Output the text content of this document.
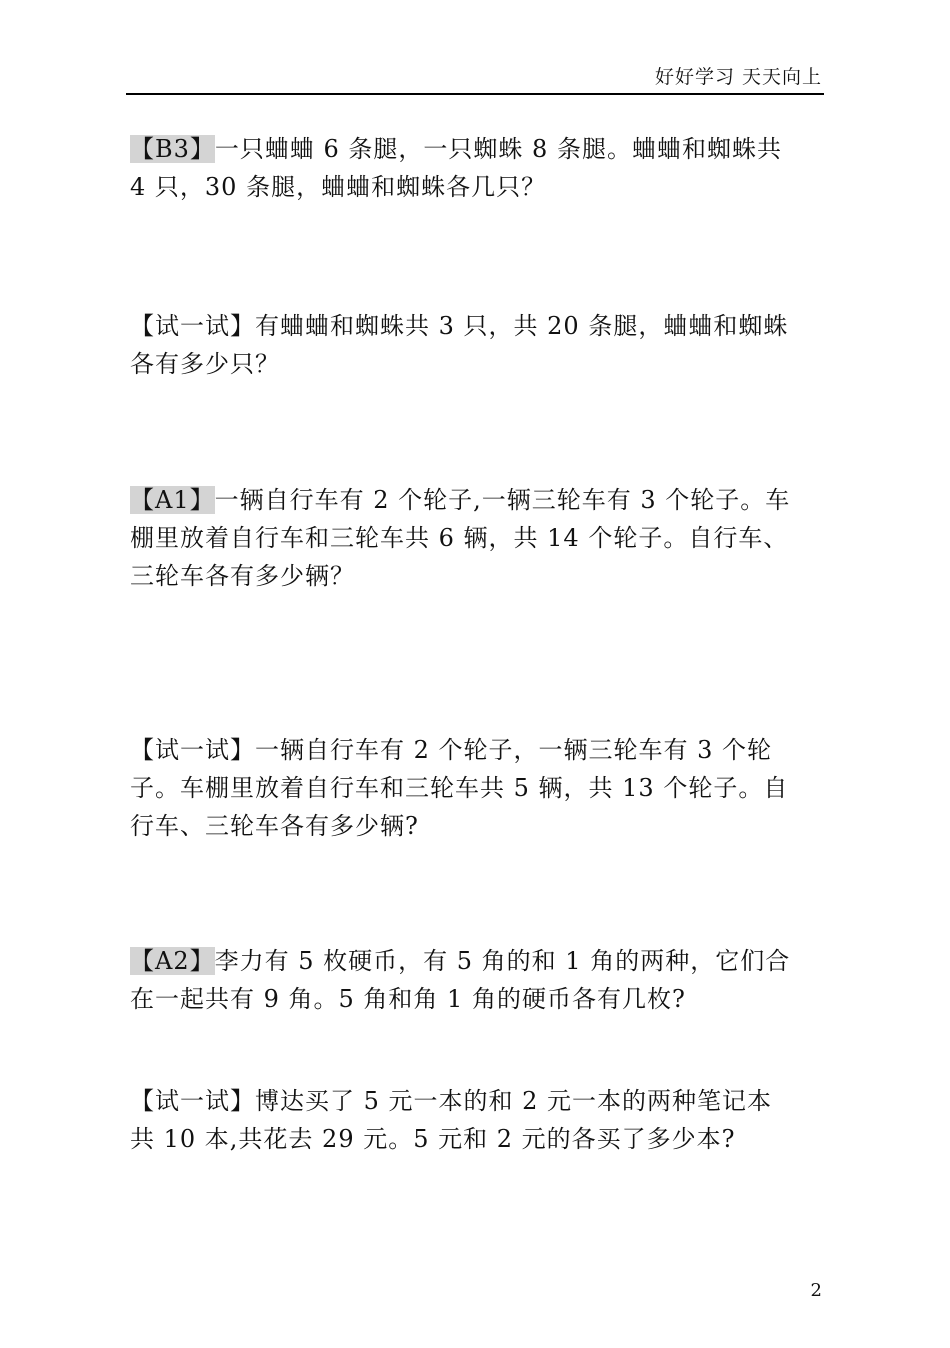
好好学习 天天向上
【B3】一只蛐蛐 6 条腿，一只蜘蛛 8 条腿。蛐蛐和蜘蛛共
4 只，30 条腿，蛐蛐和蜘蛛各几只？
【试一试】有蛐蛐和蜘蛛共 3 只，共 20 条腿，蛐蛐和蜘蛛
各有多少只？
【A1】一辆自行车有 2 个轮子,一辆三轮车有 3 个轮子。车
棚里放着自行车和三轮车共 6 辆，共 14 个轮子。自行车、
三轮车各有多少辆？
【试一试】一辆自行车有 2 个轮子，一辆三轮车有 3 个轮
子。车棚里放着自行车和三轮车共 5 辆，共 13 个轮子。自
行车、三轮车各有多少辆?
【A2】李力有 5 枚硬币，有 5 角的和 1 角的两种，它们合
在一起共有 9 角。5 角和角 1 角的硬币各有几枚?
【试一试】博达买了 5 元一本的和 2 元一本的两种笔记本
共 10 本,共花去 29 元。5 元和 2 元的各买了多少本?
2
